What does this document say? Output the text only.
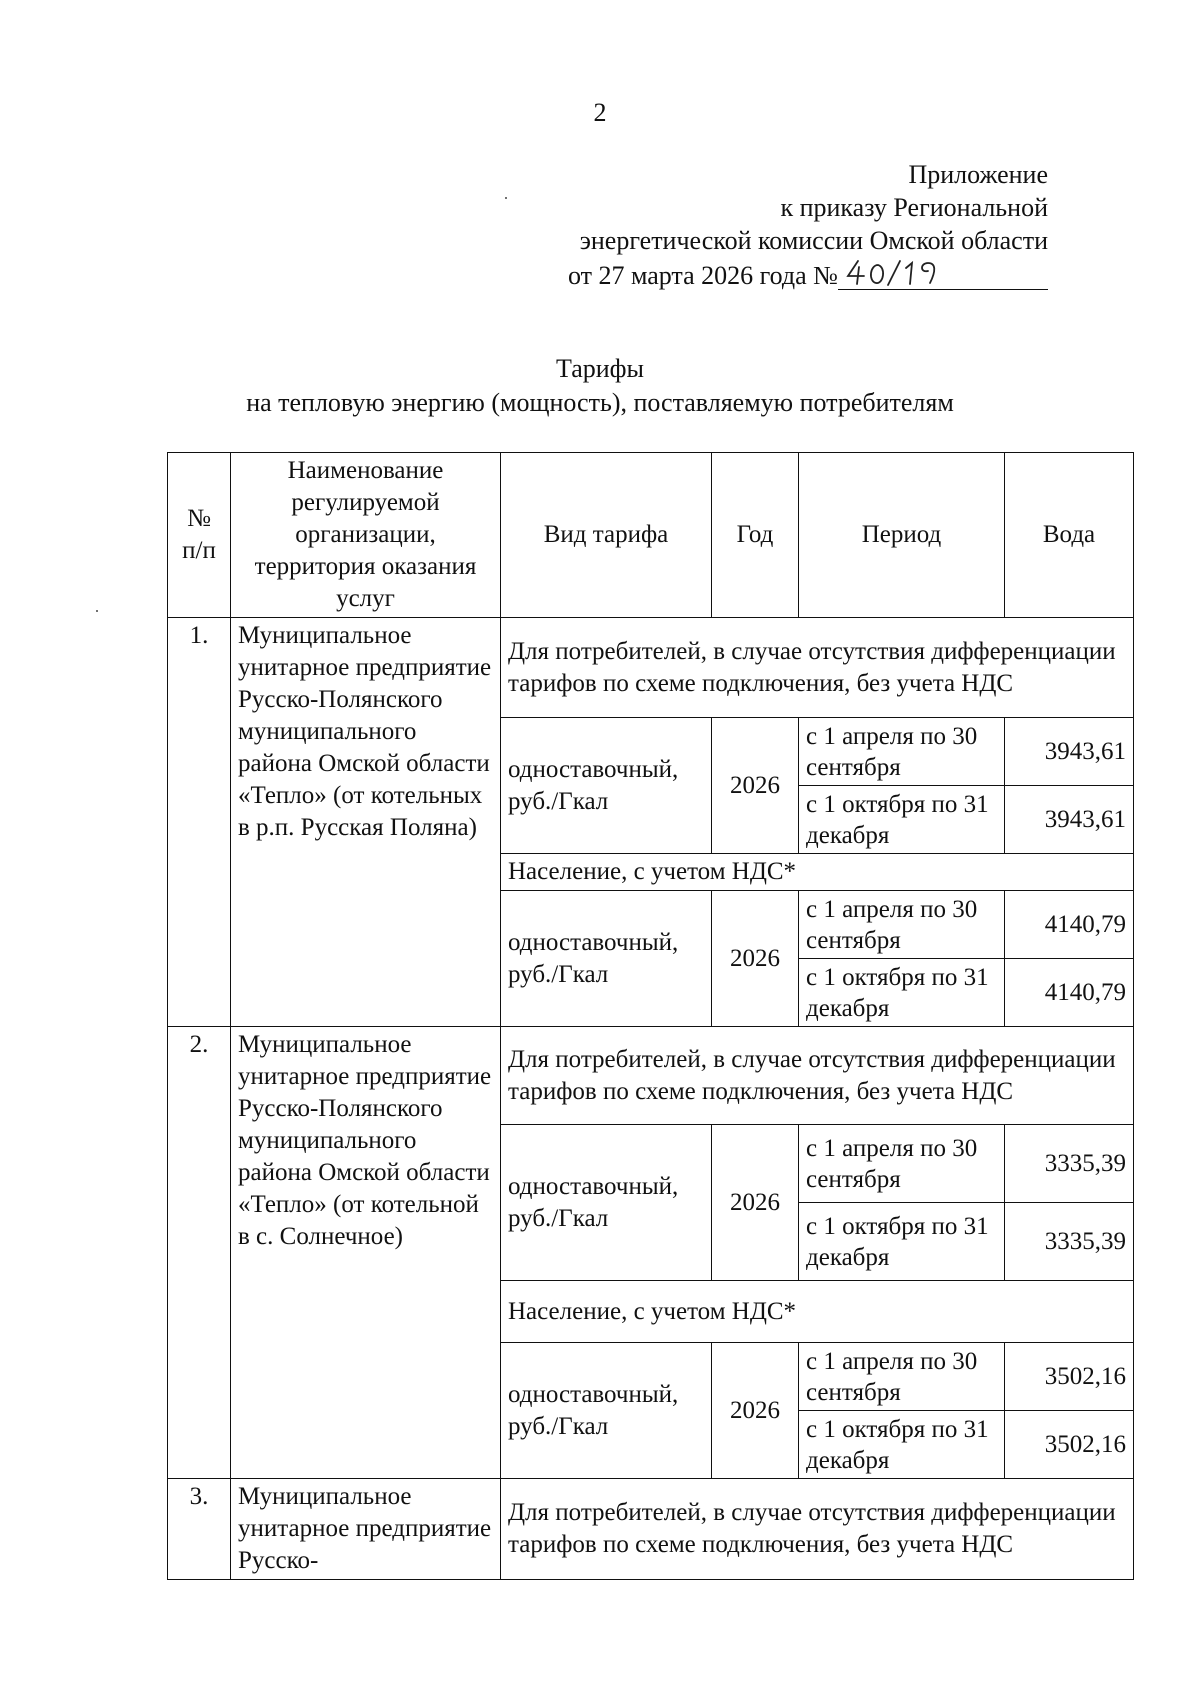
2
Приложение
к приказу Региональной
энергетической комиссии Омской области
от 27 марта 2026 года №
Тарифы
на тепловую энергию (мощность), поставляемую потребителям
№ п/п	Наименование регулируемой организации, территория оказания услуг	Вид тарифа	Год	Период	Вода
1.	Муниципальное унитарное предприятие Русско-Полянского муниципального района Омской области «Тепло» (от котельных в р.п. Русская Поляна)	Для потребителей, в случае отсутствия дифференциации тарифов по схеме подключения, без учета НДС			
		одноставочный, руб./Гкал	2026	с 1 апреля по 30 сентября	3943,61
				с 1 октября по 31 декабря	3943,61
		Население, с учетом НДС*			
		одноставочный, руб./Гкал	2026	с 1 апреля по 30 сентября	4140,79
				с 1 октября по 31 декабря	4140,79

2.	Муниципальное унитарное предприятие Русско-Полянского муниципального района Омской области «Тепло» (от котельной в с. Солнечное)	Для потребителей, в случае отсутствия дифференциации тарифов по схеме подключения, без учета НДС			
		одноставочный, руб./Гкал	2026	с 1 апреля по 30 сентября	3335,39
				с 1 октября по 31 декабря	3335,39
		Население, с учетом НДС*			
		одноставочный, руб./Гкал	2026	с 1 апреля по 30 сентября	3502,16
				с 1 октября по 31 декабря	3502,16
3.	Муниципальное унитарное предприятие Русско-	Для потребителей, в случае отсутствия дифференциации тарифов по схеме подключения, без учета НДС			
